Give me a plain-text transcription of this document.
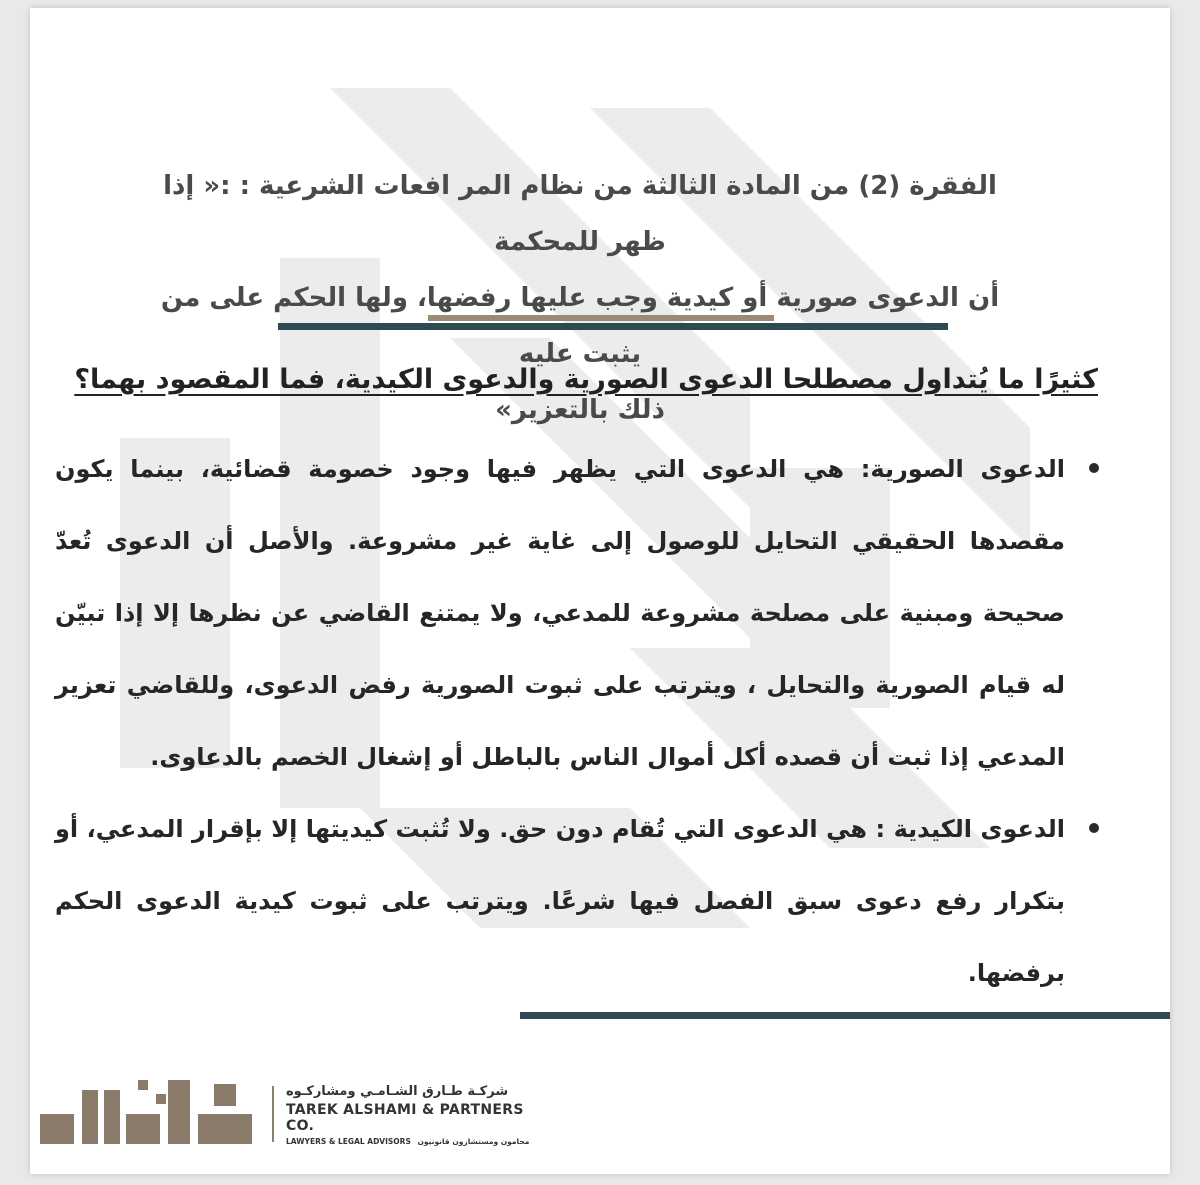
الفقرة (2) من المادة الثالثة من نظام المر افعات الشرعية : :« إذا ظهر للمحكمة
أن الدعوى صورية أو كيدية وجب عليها رفضها، ولها الحكم على من يثبت عليه
ذلك بالتعزير»
كثيرًا ما يُتداول مصطلحا الدعوى الصورية والدعوى الكيدية، فما المقصود بهما؟
الدعوى الصورية: هي الدعوى التي يظهر فيها وجود خصومة قضائية، بينما يكون مقصدها الحقيقي التحايل للوصول إلى غاية غير مشروعة. والأصل أن الدعوى تُعدّ صحيحة ومبنية على مصلحة مشروعة للمدعي، ولا يمتنع القاضي عن نظرها إلا إذا تبيّن له قيام الصورية والتحايل ، ويترتب على ثبوت الصورية رفض الدعوى، وللقاضي تعزير المدعي إذا ثبت أن قصده أكل أموال الناس بالباطل أو إشغال الخصم بالدعاوى.
الدعوى الكيدية : هي الدعوى التي تُقام دون حق. ولا تُثبت كيديتها إلا بإقرار المدعي، أو بتكرار رفع دعوى سبق الفصل فيها شرعًا. ويترتب على ثبوت كيدية الدعوى الحكم برفضها.
الشامي

شركـة طـارق الشـامـي ومشاركـوه

TAREK ALSHAMI & PARTNERS CO.

LAWYERS & LEGAL ADVISORS محامون ومستشارون قانونيون
